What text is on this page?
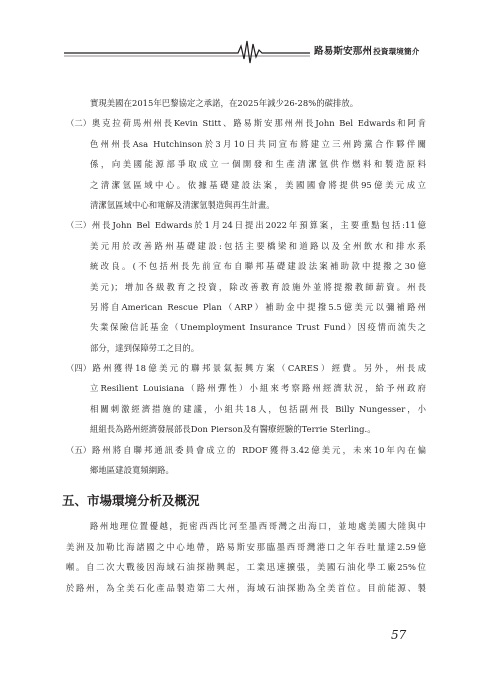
路易斯安那州投資環境簡介
實現美國在2015年巴黎協定之承諾，在2025年減少26-28%的碳排放。
（二）奧克拉荷馬州州長Kevin Stitt、路易斯安那州州長John Bel Edwards和阿肯
色州州長Asa Hutchinson於3月10日共同宣布將建立三州跨黨合作夥伴關
係，向美國能源部爭取成立一個開發和生產清潔氫供作燃料和製造原料
之清潔氫區域中心。依據基礎建設法案，美國國會將提供95億美元成立
清潔氫區域中心和電解及清潔氫製造與再生計畫。
（三）州長John Bel Edwards於1月24日提出2022年預算案，主要重點包括:11億
美元用於改善路州基礎建設:包括主要橋梁和道路以及全州飲水和排水系
統改良。(不包括州長先前宣布自聯邦基礎建設法案補助款中提撥之30億
美元)；增加各級教育之投資，除改善教育設施外並將提撥教師薪資。州長
另將自American Rescue Plan（ARP）補助金中提撥5.5億美元以彌補路州
失業保險信託基金（Unemployment Insurance Trust Fund）因疫情而流失之
部分，達到保障勞工之目的。
（四）路州獲得18億美元的聯邦景氣振興方案（CARES）經費。另外，州長成
立Resilient Louisiana（路州彈性）小組來考察路州經濟狀況，給予州政府
相關刺激經濟措施的建議，小組共18人，包括副州長 Billy Nungesser，小
組組長為路州經濟發展部長Don Pierson及有醫療經驗的Terrie Sterling.。
（五）路州將自聯邦通訊委員會成立的 RDOF獲得3.42億美元，未來10年內在偏
鄉地區建設寬頻網路。
五、市場環境分析及概況
路州地理位置優越，扼密西西比河至墨西哥灣之出海口，並地處美國大陸與中
美洲及加勒比海諸國之中心地帶，路易斯安那臨墨西哥灣港口之年吞吐量達2.59億
噸。自二次大戰後因海域石油探勘興起，工業迅速擴張，美國石油化學工廠25%位
於路州，為全美石化產品製造第二大州，海域石油探勘為全美首位。目前能源、製
57
